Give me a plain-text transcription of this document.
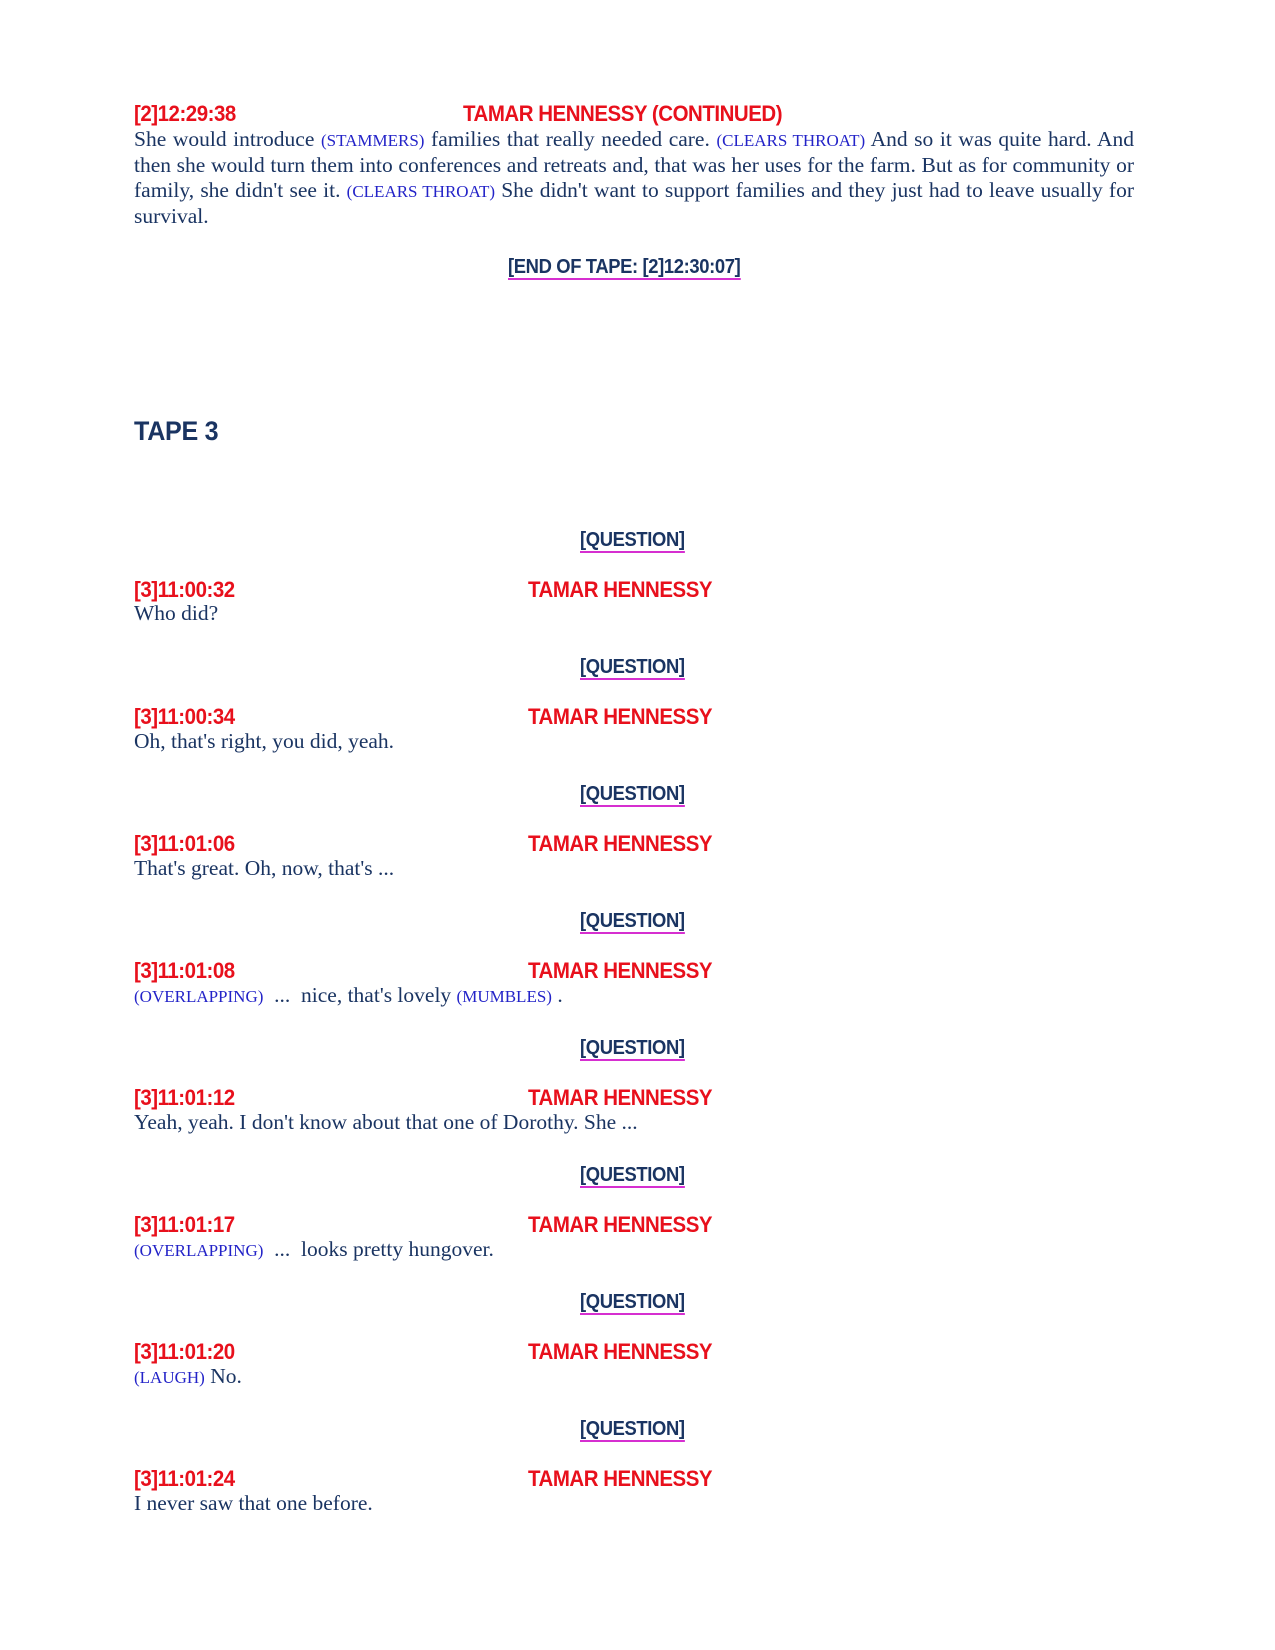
[2]12:29:38	TAMAR HENNESSY (CONTINUED)
She would introduce (STAMMERS) families that really needed care. (CLEARS THROAT) And so it was quite hard. And then she would turn them into conferences and retreats and, that was her uses for the farm. But as for community or family, she didn't see it. (CLEARS THROAT) She didn't want to support families and they just had to leave usually for survival.
[END OF TAPE: [2]12:30:07]
TAPE 3
[QUESTION]
[3]11:00:32	TAMAR HENNESSY
Who did?
[QUESTION]
[3]11:00:34	TAMAR HENNESSY
Oh, that's right, you did, yeah.
[QUESTION]
[3]11:01:06	TAMAR HENNESSY
That's great. Oh, now, that's ...
[QUESTION]
[3]11:01:08	TAMAR HENNESSY
(OVERLAPPING)  ...  nice, that's lovely (MUMBLES) .
[QUESTION]
[3]11:01:12	TAMAR HENNESSY
Yeah, yeah. I don't know about that one of Dorothy. She ...
[QUESTION]
[3]11:01:17	TAMAR HENNESSY
(OVERLAPPING)  ...  looks pretty hungover.
[QUESTION]
[3]11:01:20	TAMAR HENNESSY
(LAUGH) No.
[QUESTION]
[3]11:01:24	TAMAR HENNESSY
I never saw that one before.
